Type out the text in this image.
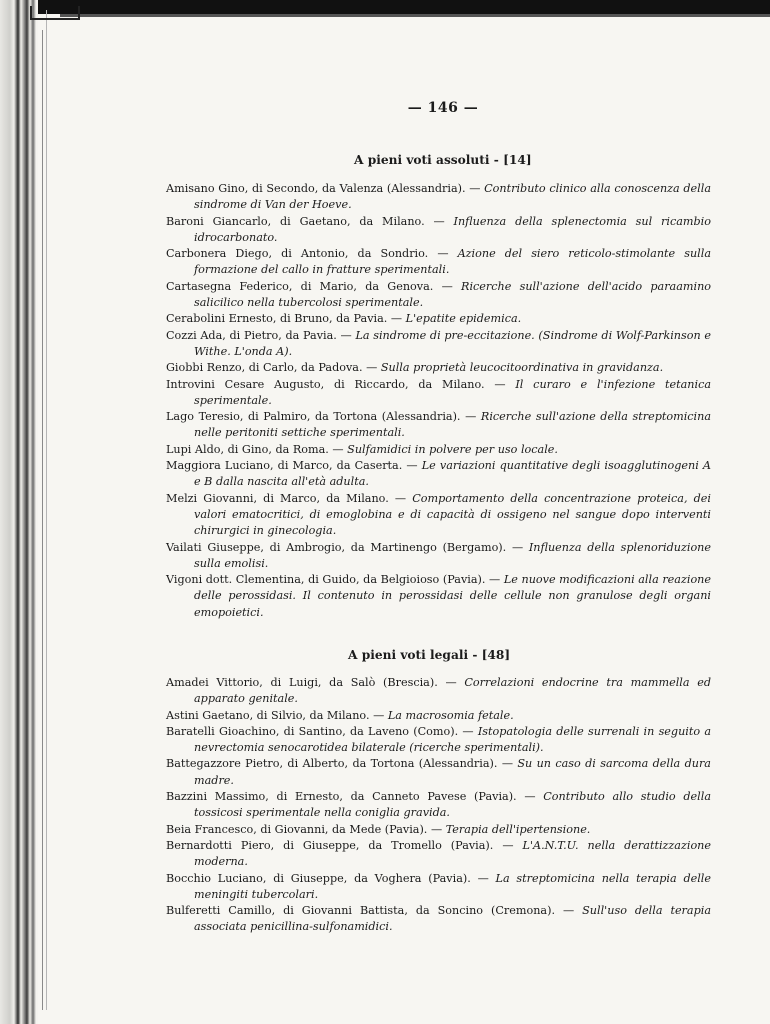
— 146 —
A pieni voti assoluti - [14]

Amisano Gino, di Secondo, da Valenza (Alessandria). — Contributo clinico alla conoscenza della sindrome di Van der Hoeve.

Baroni Giancarlo, di Gaetano, da Milano. — Influenza della splenectomia sul ricambio idrocarbonato.

Carbonera Diego, di Antonio, da Sondrio. — Azione del siero reticolo-stimolante sulla formazione del callo in fratture sperimentali.

Cartasegna Federico, di Mario, da Genova. — Ricerche sull'azione dell'acido paraamino salicilico nella tubercolosi sperimentale.

Cerabolini Ernesto, di Bruno, da Pavia. — L'epatite epidemica.

Cozzi Ada, di Pietro, da Pavia. — La sindrome di pre-eccitazione. (Sindrome di Wolf-Parkinson e Withe. L'onda A).

Giobbi Renzo, di Carlo, da Padova. — Sulla proprietà leucocitoordinativa in gravidanza.

Introvini Cesare Augusto, di Riccardo, da Milano. — Il curaro e l'infezione tetanica sperimentale.

Lago Teresio, di Palmiro, da Tortona (Alessandria). — Ricerche sull'azione della streptomicina nelle peritoniti settiche sperimentali.

Lupi Aldo, di Gino, da Roma. — Sulfamidici in polvere per uso locale.

Maggiora Luciano, di Marco, da Caserta. — Le variazioni quantitative degli isoagglutinogeni A e B dalla nascita all'età adulta.

Melzi Giovanni, di Marco, da Milano. — Comportamento della concentrazione proteica, dei valori ematocritici, di emoglobina e di capacità di ossigeno nel sangue dopo interventi chirurgici in ginecologia.

Vailati Giuseppe, di Ambrogio, da Martinengo (Bergamo). — Influenza della splenoriduzione sulla emolisi.

Vigoni dott. Clementina, di Guido, da Belgioioso (Pavia). — Le nuove modificazioni alla reazione delle perossidasi. Il contenuto in perossidasi delle cellule non granulose degli organi emopoietici.

A pieni voti legali - [48]

Amadei Vittorio, di Luigi, da Salò (Brescia). — Correlazioni endocrine tra mammella ed apparato genitale.

Astini Gaetano, di Silvio, da Milano. — La macrosomia fetale.

Baratelli Gioachino, di Santino, da Laveno (Como). — Istopatologia delle surrenali in seguito a nevrectomia senocarotidea bilaterale (ricerche sperimentali).

Battegazzore Pietro, di Alberto, da Tortona (Alessandria). — Su un caso di sarcoma della dura madre.

Bazzini Massimo, di Ernesto, da Canneto Pavese (Pavia). — Contributo allo studio della tossicosi sperimentale nella coniglia gravida.

Beia Francesco, di Giovanni, da Mede (Pavia). — Terapia dell'ipertensione.

Bernardotti Piero, di Giuseppe, da Tromello (Pavia). — L'A.N.T.U. nella derattizzazione moderna.

Bocchio Luciano, di Giuseppe, da Voghera (Pavia). — La streptomicina nella terapia delle meningiti tubercolari.

Bulferetti Camillo, di Giovanni Battista, da Soncino (Cremona). — Sull'uso della terapia associata penicillina-sulfonamidici.
